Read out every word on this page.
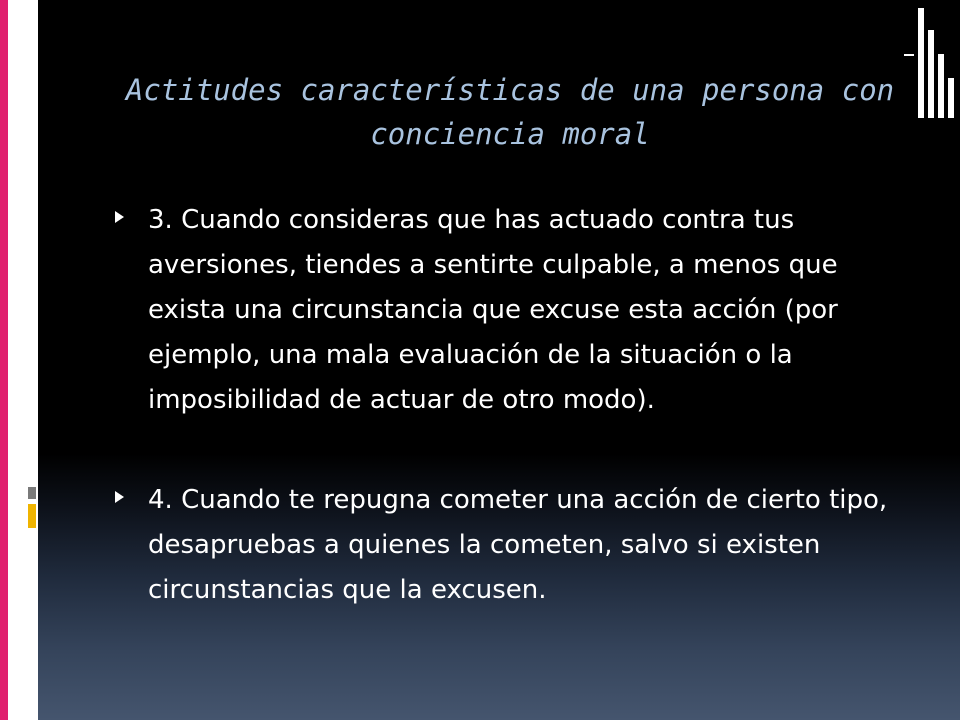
Actitudes características de una persona con conciencia moral
3. Cuando consideras que has actuado contra tus aversiones, tiendes a sentirte culpable, a menos que exista una circunstancia que excuse esta acción (por ejemplo, una mala evaluación de la situación o la imposibilidad de actuar de otro modo).
4. Cuando te repugna cometer una acción de cierto tipo, desapruebas a quienes la cometen, salvo si existen circunstancias que la excusen.
